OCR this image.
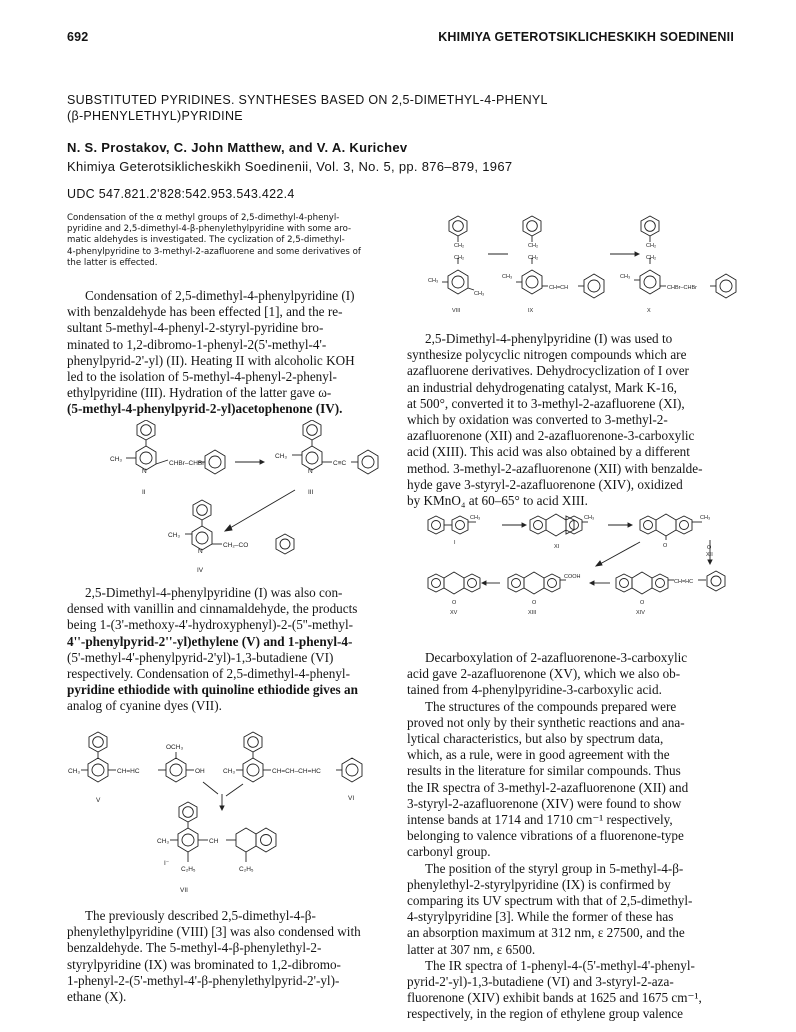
692	KHIMIYA GETEROTSIKLICHESKIKH SOEDINENII
SUBSTITUTED PYRIDINES. SYNTHESES BASED ON 2,5-DIMETHYL-4-PHENYL
(β-PHENYLETHYL)PYRIDINE
N. S. Prostakov, C. John Matthew, and V. A. Kurichev
Khimiya Geterotsiklicheskikh Soedinenii, Vol. 3, No. 5, pp. 876–879, 1967
UDC 547.821.2'828:542.953.543.422.4
Condensation of the α methyl groups of 2,5-dimethyl-4-phenyl-
pyridine and 2,5-dimethyl-4-β-phenylethylpyridine with some aro-
matic aldehydes is investigated. The cyclization of 2,5-dimethyl-
4-phenylpyridine to 3-methyl-2-azafluorene and some derivatives of
the latter is effected.
Condensation of 2,5-dimethyl-4-phenylpyridine (I)
with benzaldehyde has been effected [1], and the re-
sultant 5-methyl-4-phenyl-2-styryl-pyridine bro-
minated to 1,2-dibromo-1-phenyl-2(5'-methyl-4'-
phenylpyrid-2'-yl) (II). Heating II with alcoholic KOH
led to the isolation of 5-methyl-4-phenyl-2-phenyl-
ethylpyridine (III). Hydration of the latter gave ω-
(5-methyl-4-phenylpyrid-2-yl)acetophenone (IV).
CH₃
N
CHBr–CHBr
CH₃
N
C≡C
CH₃
N
CH₂–CO
II	III
IV
2,5-Dimethyl-4-phenylpyridine (I) was also con-
densed with vanillin and cinnamaldehyde, the products
being 1-(3'-methoxy-4'-hydroxyphenyl)-2-(5''-methyl-
4''-phenylpyrid-2''-yl)ethylene (V) and 1-phenyl-4-
(5'-methyl-4'-phenylpyrid-2'yl)-1,3-butadiene (VI)
respectively. Condensation of 2,5-dimethyl-4-phenyl-
pyridine ethiodide with quinoline ethiodide gives an
analog of cyanine dyes (VII).
OCH₃
CH₃	CH=HC	OH	CH₃	CH=CH–CH=HC
CH₃	CH
I⁻
C₂H₅	C₂H₅
V	VI
VII
The previously described 2,5-dimethyl-4-β-
phenylethylpyridine (VIII) [3] was also condensed with
benzaldehyde. The 5-methyl-4-β-phenylethyl-2-
styrylpyridine (IX) was brominated to 1,2-dibromo-
1-phenyl-2-(5'-methyl-4'-β-phenylethylpyrid-2'-yl)-
ethane (X).
CH₂
CH₂
CH₃
CH₃
CH₂
CH₂
CH₃
CH=CH
CH₂
CH₂
CH₃
CHBr–CHBr
VIII	IX	X
2,5-Dimethyl-4-phenylpyridine (I) was used to
synthesize polycyclic nitrogen compounds which are
azafluorene derivatives. Dehydrocyclization of I over
an industrial dehydrogenating catalyst, Mark K-16,
at 500°, converted it to 3-methyl-2-azafluorene (XI),
which by oxidation was converted to 3-methyl-2-
azafluorenone (XII) and 2-azafluorenone-3-carboxylic
acid (XIII). This acid was also obtained by a different
method. 3-methyl-2-azafluorenone (XII) with benzalde-
hyde gave 3-styryl-2-azafluorenone (XIV), oxidized
by KMnO₄ at 60–65° to acid XIII.
CH₃	CH₃	CH₃
O	O
COOH
CH=HC
O	O	O
I
XI
XII
XV	XIII	XIV
Decarboxylation of 2-azafluorenone-3-carboxylic
acid gave 2-azafluorenone (XV), which we also ob-
tained from 4-phenylpyridine-3-carboxylic acid.
The structures of the compounds prepared were
proved not only by their synthetic reactions and ana-
lytical characteristics, but also by spectrum data,
which, as a rule, were in good agreement with the
results in the literature for similar compounds. Thus
the IR spectra of 3-methyl-2-azafluorenone (XII) and
3-styryl-2-azafluorenone (XIV) were found to show
intense bands at 1714 and 1710 cm⁻¹ respectively,
belonging to valence vibrations of a fluorenone-type
carbonyl group.
The position of the styryl group in 5-methyl-4-β-
phenylethyl-2-styrylpyridine (IX) is confirmed by
comparing its UV spectrum with that of 2,5-dimethyl-
4-styrylpyridine [3]. While the former of these has
an absorption maximum at 312 nm, ε 27500, and the
latter at 307 nm, ε 6500.
The IR spectra of 1-phenyl-4-(5'-methyl-4'-phenyl-
pyrid-2'-yl)-1,3-butadiene (VI) and 3-styryl-2-aza-
fluorenone (XIV) exhibit bands at 1625 and 1675 cm⁻¹,
respectively, in the region of ethylene group valence
